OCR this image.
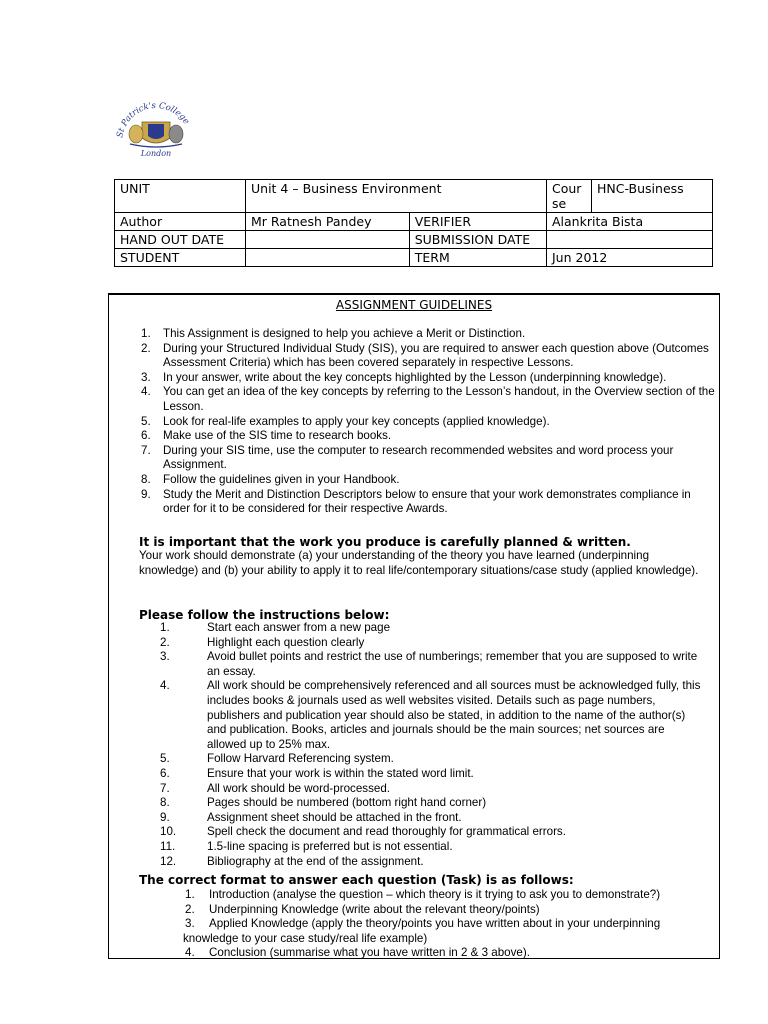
St Patrick's College
London
UNIT	Unit 4 – Business Environment		Course	HNC-Business
Author	Mr Ratnesh Pandey	VERIFIER	Alankrita Bista	
HAND OUT DATE		SUBMISSION DATE		
STUDENT		TERM	Jun 2012	
ASSIGNMENT GUIDELINES
1. This Assignment is designed to help you achieve a Merit or Distinction.
2. During your Structured Individual Study (SIS), you are required to answer each question above (Outcomes Assessment Criteria) which has been covered separately in respective Lessons.
3. In your answer, write about the key concepts highlighted by the Lesson (underpinning knowledge).
4. You can get an idea of the key concepts by referring to the Lesson’s handout, in the Overview section of the Lesson.
5. Look for real-life examples to apply your key concepts (applied knowledge).
6. Make use of the SIS time to research books.
7. During your SIS time, use the computer to research recommended websites and word process your Assignment.
8. Follow the guidelines given in your Handbook.
9. Study the Merit and Distinction Descriptors below to ensure that your work demonstrates compliance in order for it to be considered for their respective Awards.
It is important that the work you produce is carefully planned & written.
Your work should demonstrate (a) your understanding of the theory you have learned (underpinning knowledge) and (b) your ability to apply it to real life/contemporary situations/case study (applied knowledge).
Please follow the instructions below:
1.	Start each answer from a new page
2.	Highlight each question clearly
3.	Avoid bullet points and restrict the use of numberings; remember that you are supposed to write an essay.
4.	All work should be comprehensively referenced and all sources must be acknowledged fully, this includes books & journals used as well websites visited. Details such as page numbers, publishers and publication year should also be stated, in addition to the name of the author(s) and publication. Books, articles and journals should be the main sources; net sources are allowed up to 25% max.
5.	Follow Harvard Referencing system.
6.	Ensure that your work is within the stated word limit.
7.	All work should be word-processed.
8.	Pages should be numbered (bottom right hand corner)
9.	Assignment sheet should be attached in the front.
10.	Spell check the document and read thoroughly for grammatical errors.
11.	1.5-line spacing is preferred but is not essential.
12.	Bibliography at the end of the assignment.
The correct format to answer each question (Task) is as follows:
1. Introduction (analyse the question – which theory is it trying to ask you to demonstrate?)
2. Underpinning Knowledge (write about the relevant theory/points)
3. Applied Knowledge (apply the theory/points you have written about in your underpinning knowledge to your case study/real life example)
4. Conclusion (summarise what you have written in 2 & 3 above).
